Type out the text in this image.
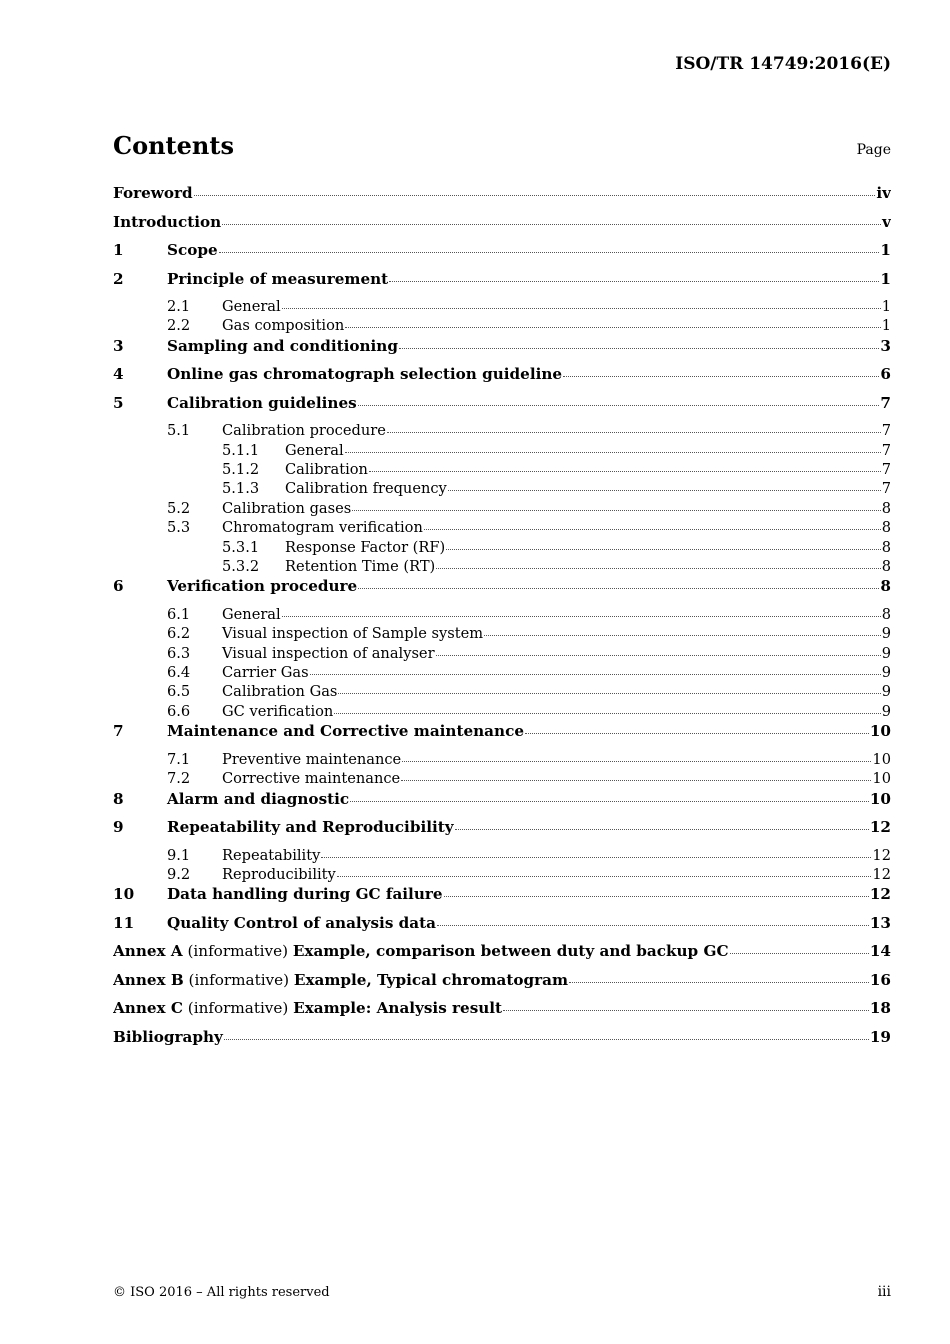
ISO/TR 14749:2016(E)
Contents	Page
Foreword	iv
Introduction	v
1	Scope	1
2	Principle of measurement	1
2.1	General	1
2.2	Gas composition	1
3	Sampling and conditioning	3
4	Online gas chromatograph selection guideline	6
5	Calibration guidelines	7
5.1	Calibration procedure	7
5.1.1	General	7
5.1.2	Calibration	7
5.1.3	Calibration frequency	7
5.2	Calibration gases	8
5.3	Chromatogram verification	8
5.3.1	Response Factor (RF)	8
5.3.2	Retention Time (RT)	8
6	Verification procedure	8
6.1	General	8
6.2	Visual inspection of Sample system	9
6.3	Visual inspection of analyser	9
6.4	Carrier Gas	9
6.5	Calibration Gas	9
6.6	GC verification	9
7	Maintenance and Corrective maintenance	10
7.1	Preventive maintenance	10
7.2	Corrective maintenance	10
8	Alarm and diagnostic	10
9	Repeatability and Reproducibility	12
9.1	Repeatability	12
9.2	Reproducibility	12
10	Data handling during GC failure	12
11	Quality Control of analysis data	13
Annex A (informative) Example, comparison between duty and backup GC	14
Annex B (informative) Example, Typical chromatogram	16
Annex C (informative) Example: Analysis result	18
Bibliography	19
© ISO 2016 – All rights reserved	iii
